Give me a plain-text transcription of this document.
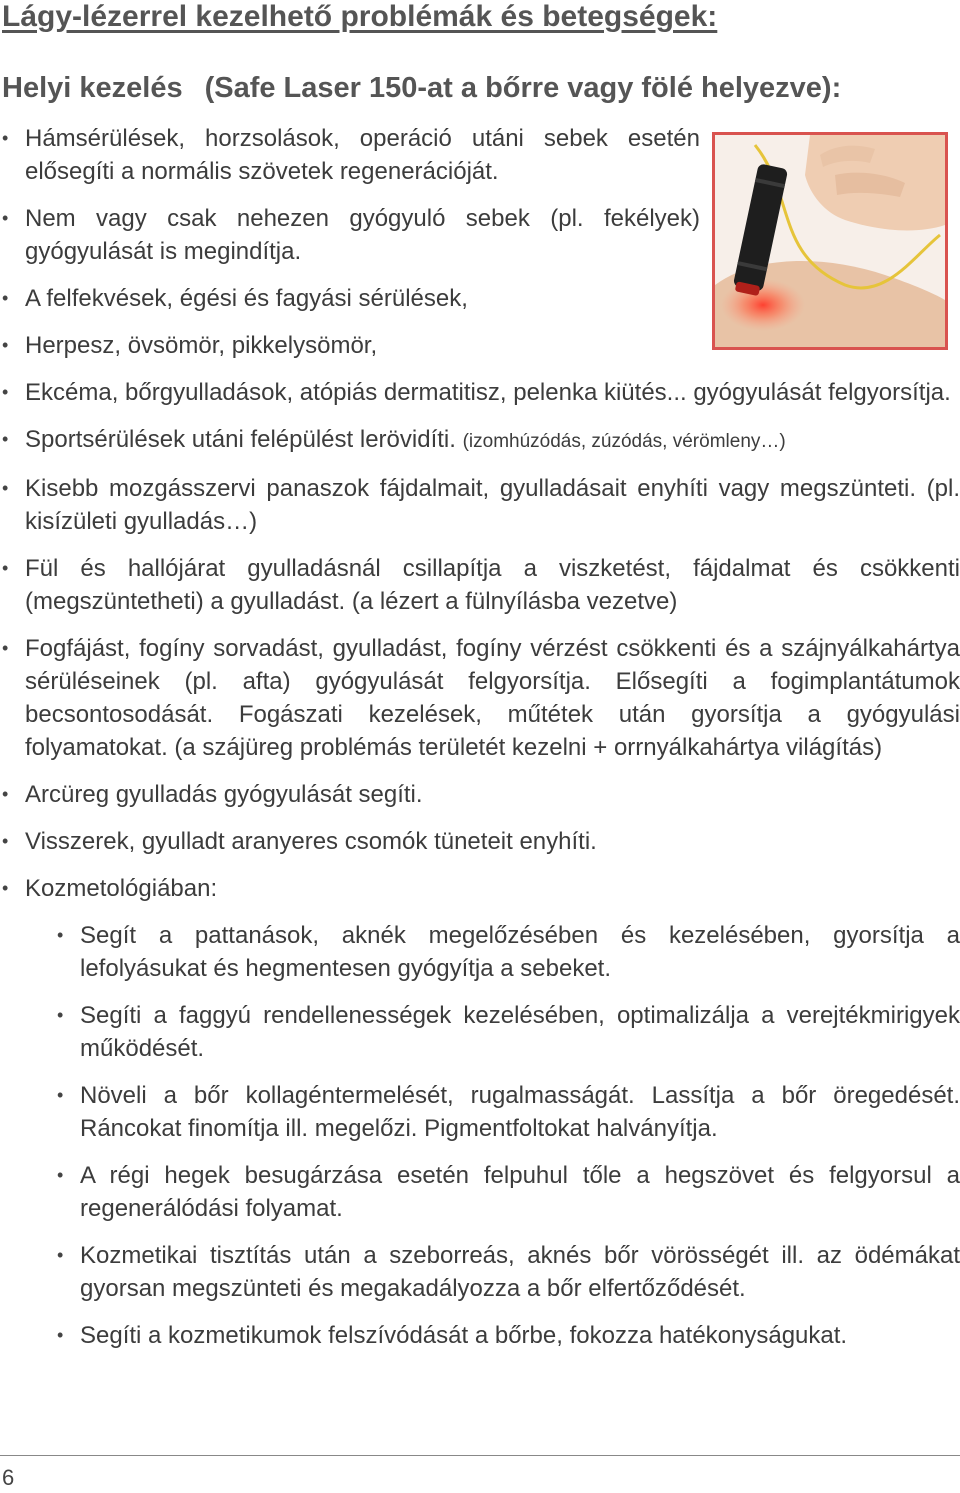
Lágy-lézerrel kezelhető problémák és betegségek:
Helyi kezelés (Safe Laser 150-at a bőrre vagy fölé helyezve):
• Hámsérülések, horzsolások, operáció utáni sebek esetén elősegíti a normális szövetek regenerációját.
• Nem vagy csak nehezen gyógyuló sebek (pl. fekélyek) gyógyulását is megindítja.
• A felfekvések, égési és fagyási sérülések,
• Herpesz, övsömör, pikkelysömör,
• Ekcéma, bőrgyulladások, atópiás dermatitisz, pelenka kiütés... gyógyulását felgyorsítja.
• Sportsérülések utáni felépülést lerövidíti. (izomhúzódás, zúzódás, vérömleny…)
• Kisebb mozgásszervi panaszok fájdalmait, gyulladásait enyhíti vagy megszünteti. (pl. kisízületi gyulladás…)
• Fül és hallójárat gyulladásnál csillapítja a viszketést, fájdalmat és csökkenti (megszüntetheti) a gyulladást. (a lézert a fülnyílásba vezetve)
• Fogfájást, fogíny sorvadást, gyulladást, fogíny vérzést csökkenti és a szájnyálkahártya sérüléseinek (pl. afta) gyógyulását felgyorsítja. Elősegíti a fogimplantátumok becsontosodását. Fogászati kezelések, műtétek után gyorsítja a gyógyulási folyamatokat. (a szájüreg problémás területét kezelni + orrnyálkahártya világítás)
• Arcüreg gyulladás gyógyulását segíti.
• Visszerek, gyulladt aranyeres csomók tüneteit enyhíti.
• Kozmetológiában:
• Segít a pattanások, aknék megelőzésében és kezelésében, gyorsítja a lefolyásukat és hegmentesen gyógyítja a sebeket.
• Segíti a faggyú rendellenességek kezelésében, optimalizálja a verejtékmirigyek működését.
• Növeli a bőr kollagéntermelését, rugalmasságát. Lassítja a bőr öregedését. Ráncokat finomítja ill. megelőzi. Pigmentfoltokat halványítja.
• A régi hegek besugárzása esetén felpuhul tőle a hegszövet és felgyorsul a regenerálódási folyamat.
• Kozmetikai tisztítás után a szeborreás, aknés bőr vörösségét ill. az ödémákat gyorsan megszünteti és megakadályozza a bőr elfertőződését.
• Segíti a kozmetikumok felszívódását a bőrbe, fokozza hatékonyságukat.
6
